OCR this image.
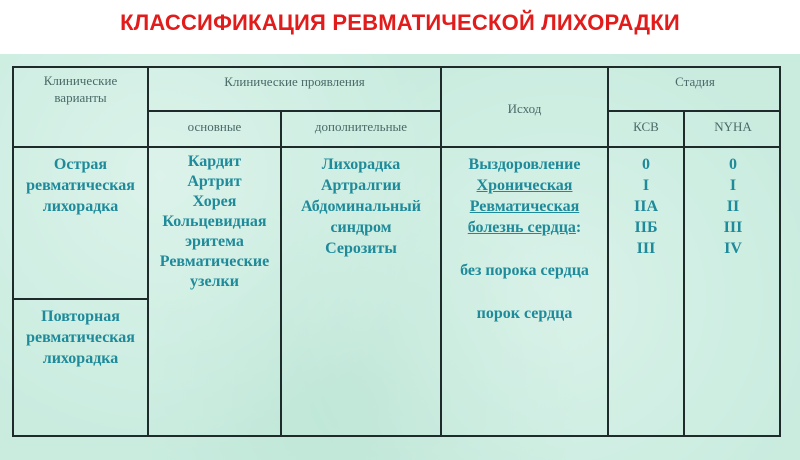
КЛАССИФИКАЦИЯ РЕВМАТИЧЕСКОЙ ЛИХОРАДКИ
Клинические
варианты
Клинические проявления
основные	дополнительные
Исход
Стадия
КСВ	NYHA
Острая
ревматическая
лихорадка
Повторная
ревматическая
лихорадка
Кардит
Артрит
Хорея
Кольцевидная
эритема
Ревматические
узелки
Лихорадка
Артралгии
Абдоминальный
синдром
Серозиты
Выздоровление
Хроническая
Ревматическая
болезнь сердца:
без порока сердца
порок сердца
0
I
IIA
IIБ
III
0
I
II
III
IV
